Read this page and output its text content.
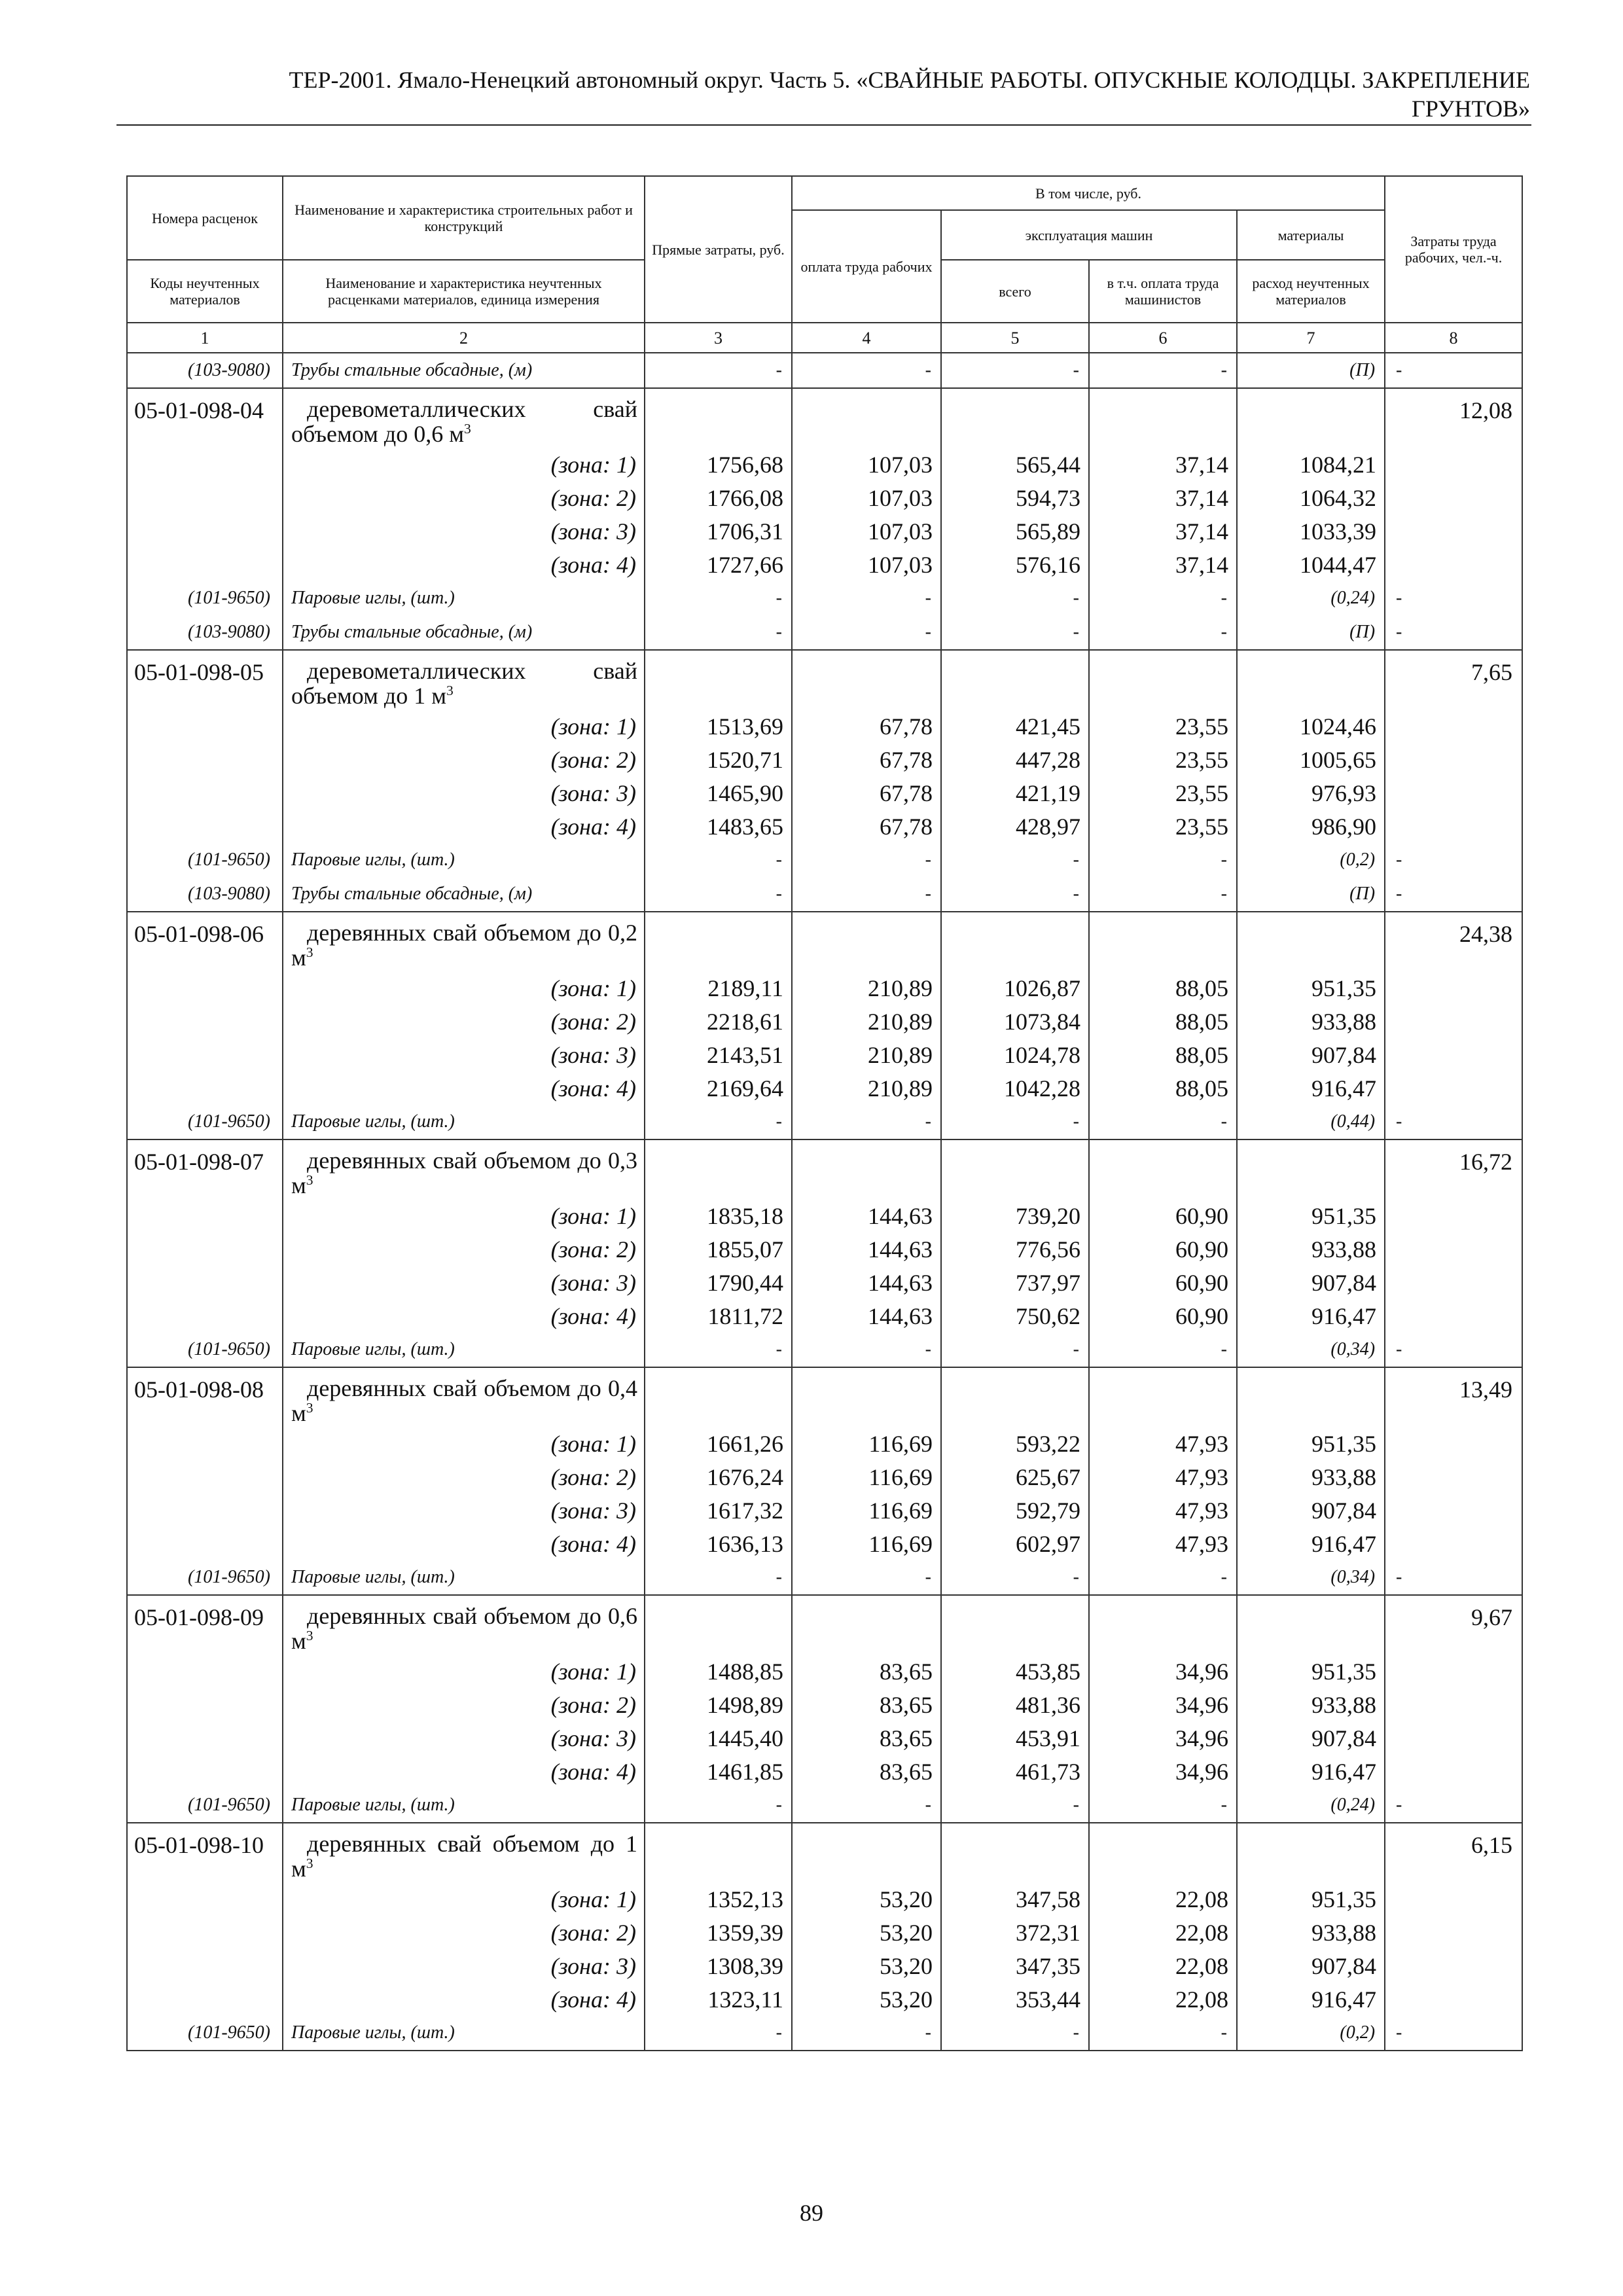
ТЕР-2001. Ямало-Ненецкий автономный округ. Часть 5. «СВАЙНЫЕ РАБОТЫ. ОПУСКНЫЕ КОЛОДЦЫ. ЗАКРЕПЛЕНИЕ
ГРУНТОВ»
Номера расценок	Наименование и характеристика строительных работ и конструкций	Прямые затраты, руб.	В том числе, руб.				Затраты труда рабочих, чел.-ч.
			оплата труда рабочих	эксплуатация машин		материалы	
Коды неучтенных материалов	Наименование и характеристика неучтенных расценками материалов, единица измерения			всего	в т.ч. оплата труда машинистов	расход неучтенных материалов	
1	2	3	4	5	6	7	8
(103-9080)	Трубы стальные обсадные, (м)	-	-	-	-	(П)	-
05-01-098-04	деревометаллических свай объемом до 0,6 $м^3$						12,08
	(зона: 1)	1756,68	107,03	565,44	37,14	1084,21	
	(зона: 2)	1766,08	107,03	594,73	37,14	1064,32	
	(зона: 3)	1706,31	107,03	565,89	37,14	1033,39	
	(зона: 4)	1727,66	107,03	576,16	37,14	1044,47	
(101-9650)	Паровые иглы, (шт.)	-	-	-	-	(0,24)	-
(103-9080)	Трубы стальные обсадные, (м)	-	-	-	-	(П)	-
05-01-098-05	деревометаллических свай объемом до 1 $м^3$						7,65
	(зона: 1)	1513,69	67,78	421,45	23,55	1024,46	
	(зона: 2)	1520,71	67,78	447,28	23,55	1005,65	
	(зона: 3)	1465,90	67,78	421,19	23,55	976,93	
	(зона: 4)	1483,65	67,78	428,97	23,55	986,90	
(101-9650)	Паровые иглы, (шт.)	-	-	-	-	(0,2)	-
(103-9080)	Трубы стальные обсадные, (м)	-	-	-	-	(П)	-
05-01-098-06	деревянных свай объемом до 0,2 $м^3$						24,38
	(зона: 1)	2189,11	210,89	1026,87	88,05	951,35	
	(зона: 2)	2218,61	210,89	1073,84	88,05	933,88	
	(зона: 3)	2143,51	210,89	1024,78	88,05	907,84	
	(зона: 4)	2169,64	210,89	1042,28	88,05	916,47	
(101-9650)	Паровые иглы, (шт.)	-	-	-	-	(0,44)	-
05-01-098-07	деревянных свай объемом до 0,3 $м^3$						16,72
	(зона: 1)	1835,18	144,63	739,20	60,90	951,35	
	(зона: 2)	1855,07	144,63	776,56	60,90	933,88	
	(зона: 3)	1790,44	144,63	737,97	60,90	907,84	
	(зона: 4)	1811,72	144,63	750,62	60,90	916,47	
(101-9650)	Паровые иглы, (шт.)	-	-	-	-	(0,34)	-
05-01-098-08	деревянных свай объемом до 0,4 $м^3$						13,49
	(зона: 1)	1661,26	116,69	593,22	47,93	951,35	
	(зона: 2)	1676,24	116,69	625,67	47,93	933,88	
	(зона: 3)	1617,32	116,69	592,79	47,93	907,84	
	(зона: 4)	1636,13	116,69	602,97	47,93	916,47	
(101-9650)	Паровые иглы, (шт.)	-	-	-	-	(0,34)	-
05-01-098-09	деревянных свай объемом до 0,6 $м^3$						9,67
	(зона: 1)	1488,85	83,65	453,85	34,96	951,35	
	(зона: 2)	1498,89	83,65	481,36	34,96	933,88	
	(зона: 3)	1445,40	83,65	453,91	34,96	907,84	
	(зона: 4)	1461,85	83,65	461,73	34,96	916,47	
(101-9650)	Паровые иглы, (шт.)	-	-	-	-	(0,24)	-
05-01-098-10	деревянных свай объемом до 1 $м^3$						6,15
	(зона: 1)	1352,13	53,20	347,58	22,08	951,35	
	(зона: 2)	1359,39	53,20	372,31	22,08	933,88	
	(зона: 3)	1308,39	53,20	347,35	22,08	907,84	
	(зона: 4)	1323,11	53,20	353,44	22,08	916,47	
(101-9650)	Паровые иглы, (шт.)	-	-	-	-	(0,2)	-
89
